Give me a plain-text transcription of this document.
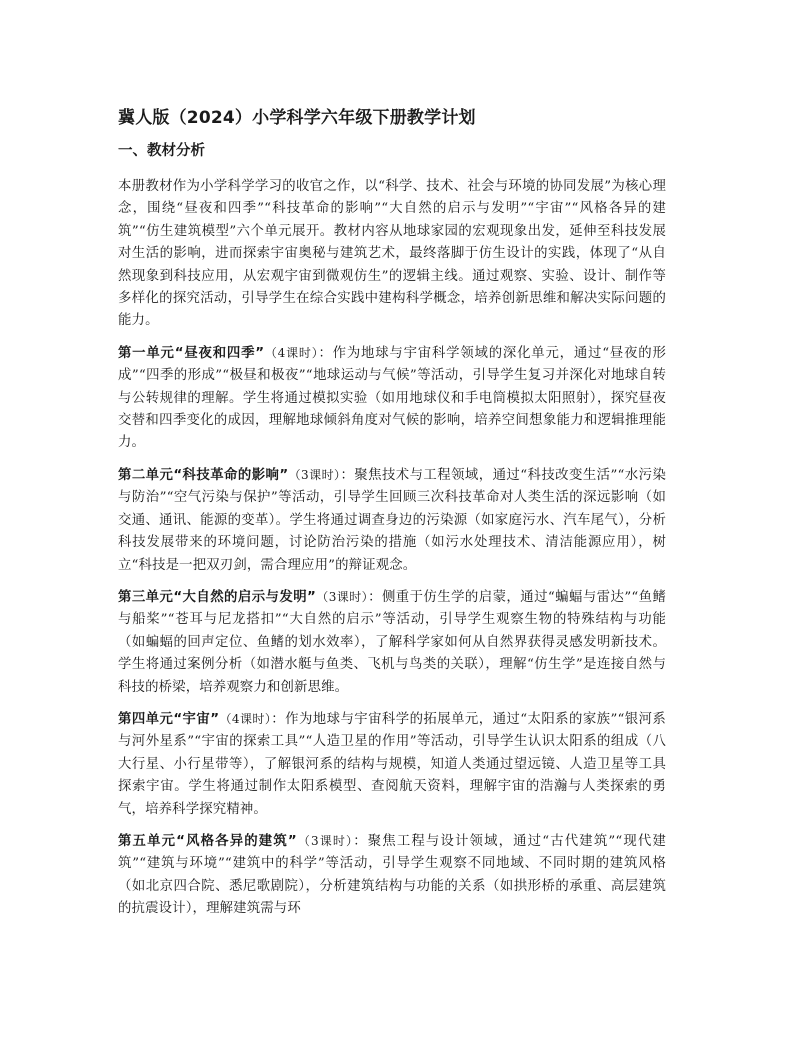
冀人版（2024）小学科学六年级下册教学计划
一、教材分析

本册教材作为小学科学学习的收官之作，以“科学、技术、社会与环境的协同发展”为核心理念，围绕“昼夜和四季”“科技革命的影响”“大自然的启示与发明”“宇宙”“风格各异的建筑”“仿生建筑模型”六个单元展开。教材内容从地球家园的宏观现象出发，延伸至科技发展对生活的影响，进而探索宇宙奥秘与建筑艺术，最终落脚于仿生设计的实践，体现了“从自然现象到科技应用，从宏观宇宙到微观仿生”的逻辑主线。通过观察、实验、设计、制作等多样化的探究活动，引导学生在综合实践中建构科学概念，培养创新思维和解决实际问题的能力。

第一单元“昼夜和四季”（4课时）：作为地球与宇宙科学领域的深化单元，通过“昼夜的形成”“四季的形成”“极昼和极夜”“地球运动与气候”等活动，引导学生复习并深化对地球自转与公转规律的理解。学生将通过模拟实验（如用地球仪和手电筒模拟太阳照射），探究昼夜交替和四季变化的成因，理解地球倾斜角度对气候的影响，培养空间想象能力和逻辑推理能力。

第二单元“科技革命的影响”（3课时）：聚焦技术与工程领域，通过“科技改变生活”“水污染与防治”“空气污染与保护”等活动，引导学生回顾三次科技革命对人类生活的深远影响（如交通、通讯、能源的变革）。学生将通过调查身边的污染源（如家庭污水、汽车尾气），分析科技发展带来的环境问题，讨论防治污染的措施（如污水处理技术、清洁能源应用），树立“科技是一把双刃剑，需合理应用”的辩证观念。

第三单元“大自然的启示与发明”（3课时）：侧重于仿生学的启蒙，通过“蝙蝠与雷达”“鱼鳍与船桨”“苍耳与尼龙搭扣”“大自然的启示”等活动，引导学生观察生物的特殊结构与功能（如蝙蝠的回声定位、鱼鳍的划水效率），了解科学家如何从自然界获得灵感发明新技术。学生将通过案例分析（如潜水艇与鱼类、飞机与鸟类的关联），理解“仿生学”是连接自然与科技的桥梁，培养观察力和创新思维。

第四单元“宇宙”（4课时）：作为地球与宇宙科学的拓展单元，通过“太阳系的家族”“银河系与河外星系”“宇宙的探索工具”“人造卫星的作用”等活动，引导学生认识太阳系的组成（八大行星、小行星带等），了解银河系的结构与规模，知道人类通过望远镜、人造卫星等工具探索宇宙。学生将通过制作太阳系模型、查阅航天资料，理解宇宙的浩瀚与人类探索的勇气，培养科学探究精神。

第五单元“风格各异的建筑”（3课时）：聚焦工程与设计领域，通过“古代建筑”“现代建筑”“建筑与环境”“建筑中的科学”等活动，引导学生观察不同地域、不同时期的建筑风格（如北京四合院、悉尼歌剧院），分析建筑结构与功能的关系（如拱形桥的承重、高层建筑的抗震设计），理解建筑需与环
